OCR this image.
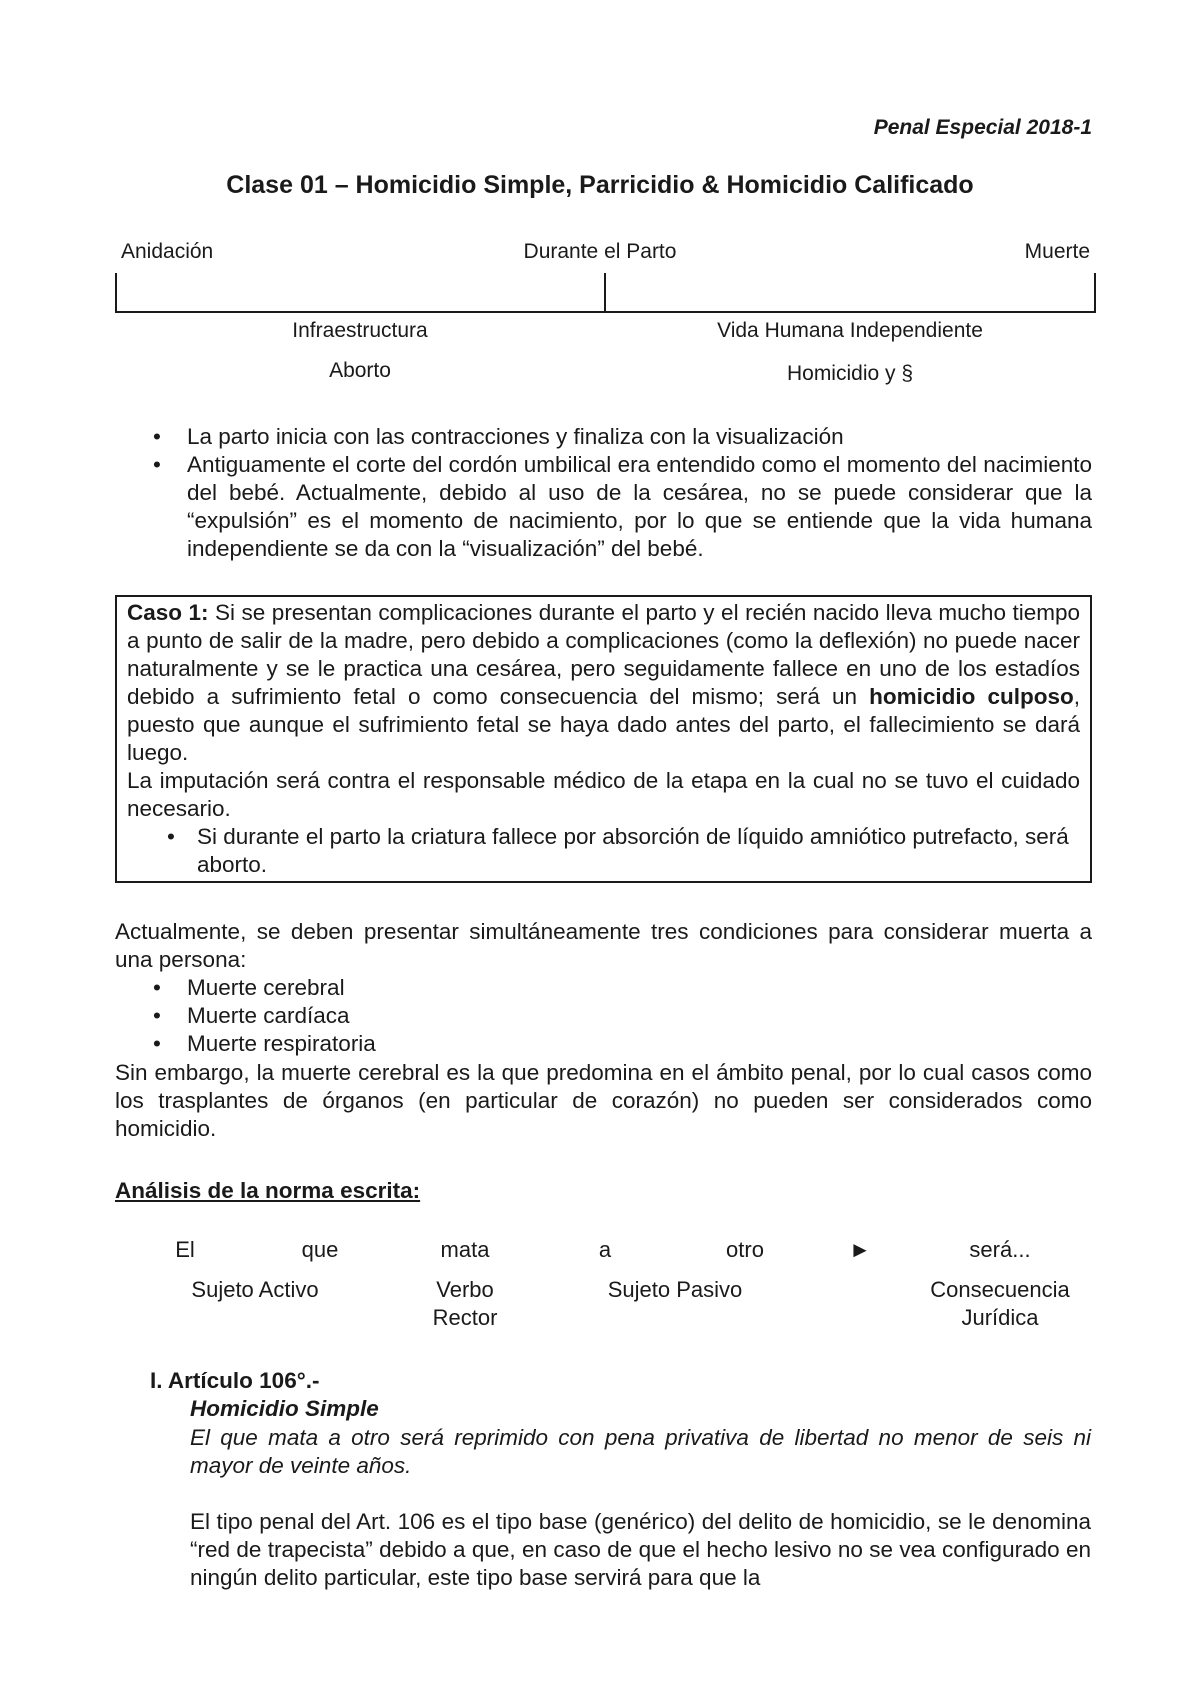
Penal Especial 2018-1
Clase 01 – Homicidio Simple, Parricidio & Homicidio Calificado
Anidación	Durante el Parto	Muerte
Infraestructura
Aborto
Vida Humana Independiente
Homicidio y §
• La parto inicia con las contracciones y finaliza con la visualización
• Antiguamente el corte del cordón umbilical era entendido como el momento del nacimiento del bebé. Actualmente, debido al uso de la cesárea, no se puede considerar que la “expulsión” es el momento de nacimiento, por lo que se entiende que la vida humana independiente se da con la “visualización” del bebé.

Caso 1: Si se presentan complicaciones durante el parto y el recién nacido lleva mucho tiempo a punto de salir de la madre, pero debido a complicaciones (como la deflexión) no puede nacer naturalmente y se le practica una cesárea, pero seguidamente fallece en uno de los estadíos debido a sufrimiento fetal o como consecuencia del mismo; será un homicidio culposo, puesto que aunque el sufrimiento fetal se haya dado antes del parto, el fallecimiento se dará luego.

La imputación será contra el responsable médico de la etapa en la cual no se tuvo el cuidado necesario.

• Si durante el parto la criatura fallece por absorción de líquido amniótico putrefacto, será aborto.

Actualmente, se deben presentar simultáneamente tres condiciones para considerar muerta a una persona:

• Muerte cerebral
• Muerte cardíaca
• Muerte respiratoria

Sin embargo, la muerte cerebral es la que predomina en el ámbito penal, por lo cual casos como los trasplantes de órganos (en particular de corazón) no pueden ser considerados como homicidio.

Análisis de la norma escrita:
El	que	mata	a	otro	►	será...
Sujeto Activo	Verbo Rector
Sujeto Pasivo	Consecuencia Jurídica
I. Artículo 106°.-
Homicidio Simple

El que mata a otro será reprimido con pena privativa de libertad no menor de seis ni mayor de veinte años.

El tipo penal del Art. 106 es el tipo base (genérico) del delito de homicidio, se le denomina “red de trapecista” debido a que, en caso de que el hecho lesivo no se vea configurado en ningún delito particular, este tipo base servirá para que la
